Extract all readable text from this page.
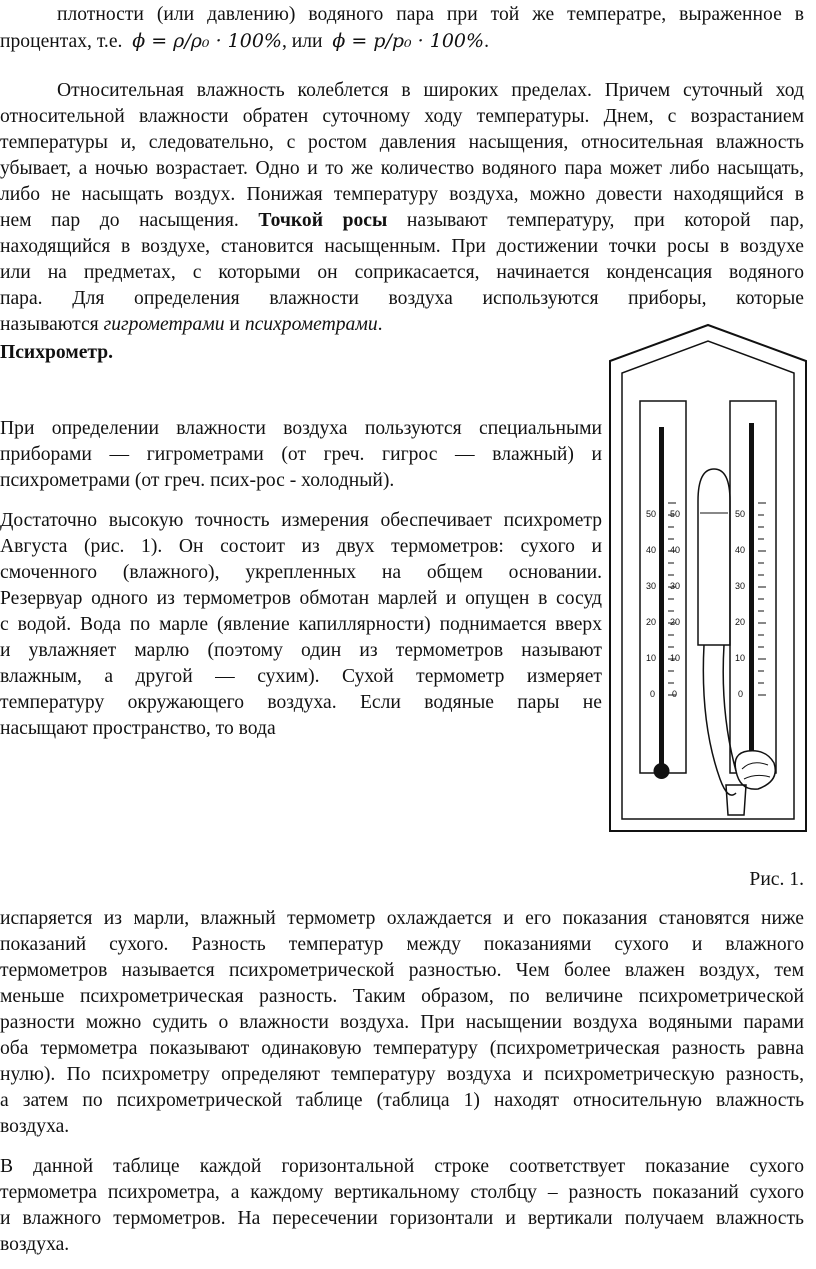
плотности (или давлению) водяного пара при той же температре, выраженное в

процентах, т.е. ϕ = ρ/ρ₀ · 100%, или ϕ = p/p₀ · 100%.

Относительная влажность колеблется в широких пределах. Причем суточный ход

относительной влажности обратен суточному ходу температуры. Днем, с возрастанием

температуры и, следовательно, с ростом давления насыщения, относительная влажность

убывает, а ночью возрастает. Одно и то же количество водяного пара может либо насыщать,

либо не насыщать воздух. Понижая температуру воздуха, можно довести находящийся в

нем пар до насыщения. Точкой росы называют температуру, при которой пар,

находящийся в воздухе, становится насыщенным. При достижении точки росы в воздухе

или на предметах, с которыми он соприкасается, начинается конденсация водяного

пара. Для определения влажности воздуха используются приборы, которые

называются гигрометрами и психрометрами.

Психрометр.

При определении влажности воздуха пользуются специальными

приборами — гигрометрами (от греч. гигрос — влажный) и

психрометрами (от греч. псих-рос - холодный).

Достаточно высокую точность измерения обеспечивает психрометр

Августа (рис. 1). Он состоит из двух термометров: сухого и

смоченного (влажного), укрепленных на общем основании.

Резервуар одного из термометров обмотан марлей и опущен в сосуд

с водой. Вода по марле (явление капиллярности) поднимается вверх

и увлажняет марлю (поэтому один из термометров называют

влажным, а другой — сухим). Сухой термометр измеряет

температуру окружающего воздуха. Если водяные пары не

насыщают пространство, то вода

50
40
30
20
10
0
50
40
30
20
10
0
50
40
30
20
10
0
Рис. 1.

испаряется из марли, влажный термометр охлаждается и его показания становятся ниже

показаний сухого. Разность температур между показаниями сухого и влажного

термометров называется психрометрической разностью. Чем более влажен воздух, тем

меньше психрометрическая разность. Таким образом, по величине психрометрической

разности можно судить о влажности воздуха. При насыщении воздуха водяными парами

оба термометра показывают одинаковую температуру (психрометрическая разность равна

нулю). По психрометру определяют температуру воздуха и психрометрическую разность,

а затем по психрометрической таблице (таблица 1) находят относительную влажность

воздуха.

В данной таблице каждой горизонтальной строке соответствует показание сухого

термометра психрометра, а каждому вертикальному столбцу – разность показаний сухого

и влажного термометров. На пересечении горизонтали и вертикали получаем влажность

воздуха.
